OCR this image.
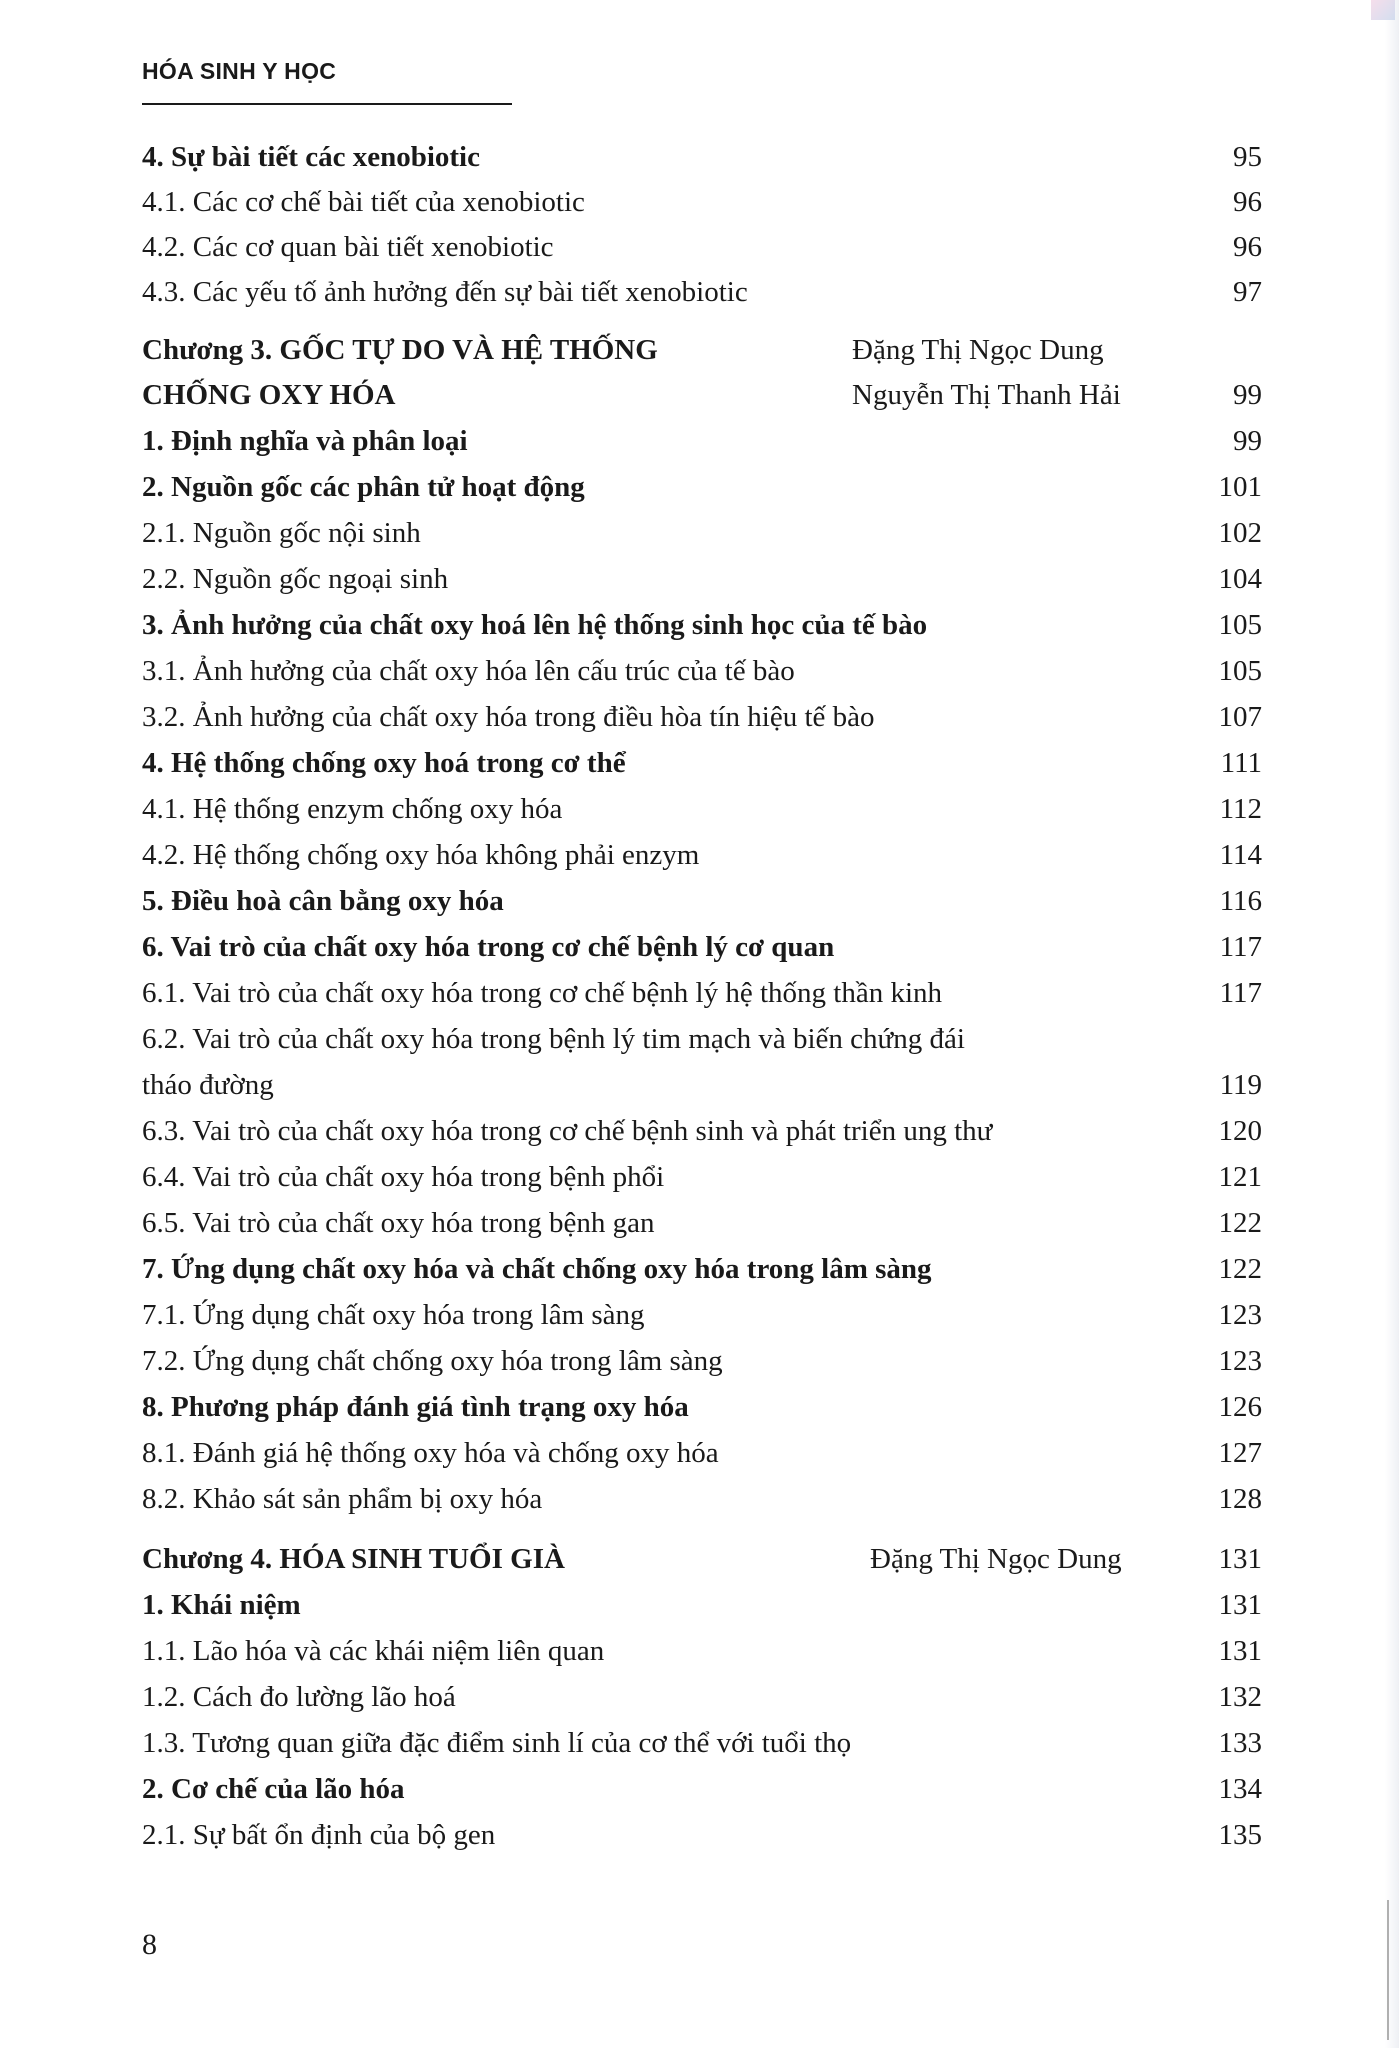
HÓA SINH Y HỌC
4. Sự bài tiết các xenobiotic	95
4.1. Các cơ chế bài tiết của xenobiotic	96
4.2. Các cơ quan bài tiết xenobiotic	96
4.3. Các yếu tố ảnh hưởng đến sự bài tiết xenobiotic	97
Chương 3. GỐC TỰ DO VÀ HỆ THỐNG	Đặng Thị Ngọc Dung
CHỐNG OXY HÓA	Nguyễn Thị Thanh Hải	99
1. Định nghĩa và phân loại	99
2. Nguồn gốc các phân tử hoạt động	101
2.1. Nguồn gốc nội sinh	102
2.2. Nguồn gốc ngoại sinh	104
3. Ảnh hưởng của chất oxy hoá lên hệ thống sinh học của tế bào	105
3.1. Ảnh hưởng của chất oxy hóa lên cấu trúc của tế bào	105
3.2. Ảnh hưởng của chất oxy hóa trong điều hòa tín hiệu tế bào	107
4. Hệ thống chống oxy hoá trong cơ thể	111
4.1. Hệ thống enzym chống oxy hóa	112
4.2. Hệ thống chống oxy hóa không phải enzym	114
5. Điều hoà cân bằng oxy hóa	116
6. Vai trò của chất oxy hóa trong cơ chế bệnh lý cơ quan	117
6.1. Vai trò của chất oxy hóa trong cơ chế bệnh lý hệ thống thần kinh	117
6.2. Vai trò của chất oxy hóa trong bệnh lý tim mạch và biến chứng đái
tháo đường	119
6.3. Vai trò của chất oxy hóa trong cơ chế bệnh sinh và phát triển ung thư	120
6.4. Vai trò của chất oxy hóa trong bệnh phổi	121
6.5. Vai trò của chất oxy hóa trong bệnh gan	122
7. Ứng dụng chất oxy hóa và chất chống oxy hóa trong lâm sàng	122
7.1. Ứng dụng chất oxy hóa trong lâm sàng	123
7.2. Ứng dụng chất chống oxy hóa trong lâm sàng	123
8. Phương pháp đánh giá tình trạng oxy hóa	126
8.1. Đánh giá hệ thống oxy hóa và chống oxy hóa	127
8.2. Khảo sát sản phẩm bị oxy hóa	128
Chương 4. HÓA SINH TUỔI GIÀ	Đặng Thị Ngọc Dung	131
1. Khái niệm	131
1.1. Lão hóa và các khái niệm liên quan	131
1.2. Cách đo lường lão hoá	132
1.3. Tương quan giữa đặc điểm sinh lí của cơ thể với tuổi thọ	133
2. Cơ chế của lão hóa	134
2.1. Sự bất ổn định của bộ gen	135
8
